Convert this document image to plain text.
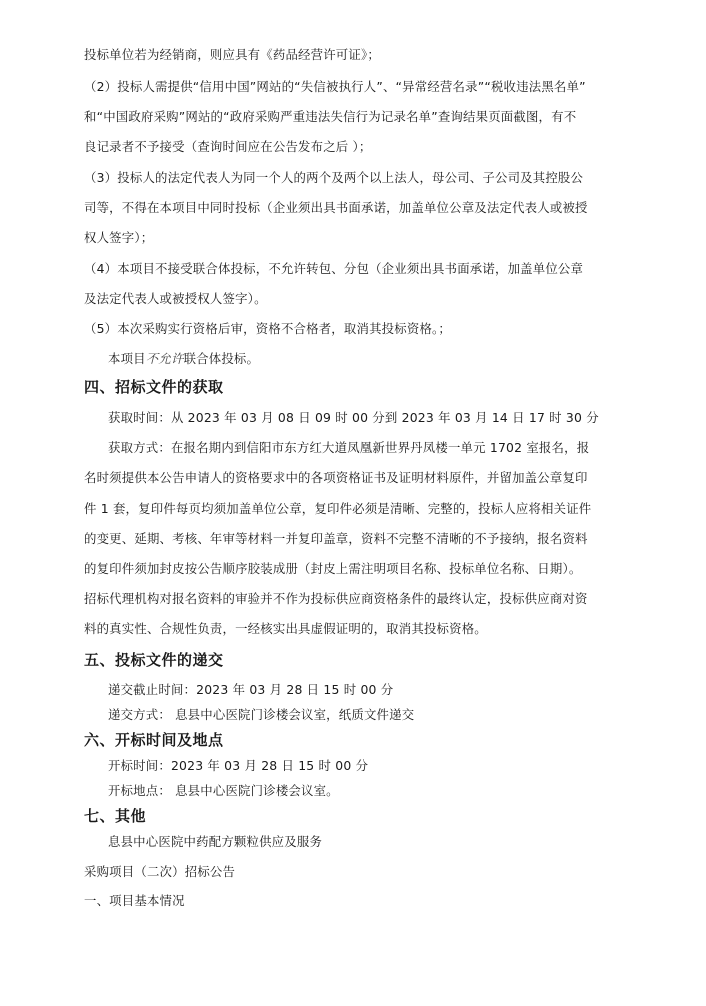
投标单位若为经销商，则应具有《药品经营许可证》；
（2）投标人需提供“信用中国”网站的“失信被执行人”、“异常经营名录”“税收违法黑名单”
和“中国政府采购”网站的“政府采购严重违法失信行为记录名单”查询结果页面截图，有不
良记录者不予接受（查询时间应在公告发布之后 ）；
（3）投标人的法定代表人为同一个人的两个及两个以上法人，母公司、子公司及其控股公
司等，不得在本项目中同时投标（企业须出具书面承诺，加盖单位公章及法定代表人或被授
权人签字）；
（4）本项目不接受联合体投标，不允许转包、分包（企业须出具书面承诺，加盖单位公章
及法定代表人或被授权人签字）。
（5）本次采购实行资格后审，资格不合格者，取消其投标资格。；
本项目不允许联合体投标。
四、招标文件的获取
获取时间：从 2023 年 03 月 08 日 09 时 00 分到 2023 年 03 月 14 日 17 时 30 分
获取方式：在报名期内到信阳市东方红大道凤凰新世界丹凤楼一单元 1702 室报名，报
名时须提供本公告申请人的资格要求中的各项资格证书及证明材料原件，并留加盖公章复印
件 1 套，复印件每页均须加盖单位公章，复印件必须是清晰、完整的，投标人应将相关证件
的变更、延期、考核、年审等材料一并复印盖章，资料不完整不清晰的不予接纳，报名资料
的复印件须加封皮按公告顺序胶装成册（封皮上需注明项目名称、投标单位名称、日期）。
招标代理机构对报名资料的审验并不作为投标供应商资格条件的最终认定，投标供应商对资
料的真实性、合规性负责，一经核实出具虚假证明的，取消其投标资格。
五、投标文件的递交
递交截止时间：2023 年 03 月 28 日 15 时 00 分
递交方式： 息县中心医院门诊楼会议室，纸质文件递交
六、开标时间及地点
开标时间：2023 年 03 月 28 日 15 时 00 分
开标地点： 息县中心医院门诊楼会议室。
七、其他
息县中心医院中药配方颗粒供应及服务
采购项目（二次）招标公告
一、项目基本情况
